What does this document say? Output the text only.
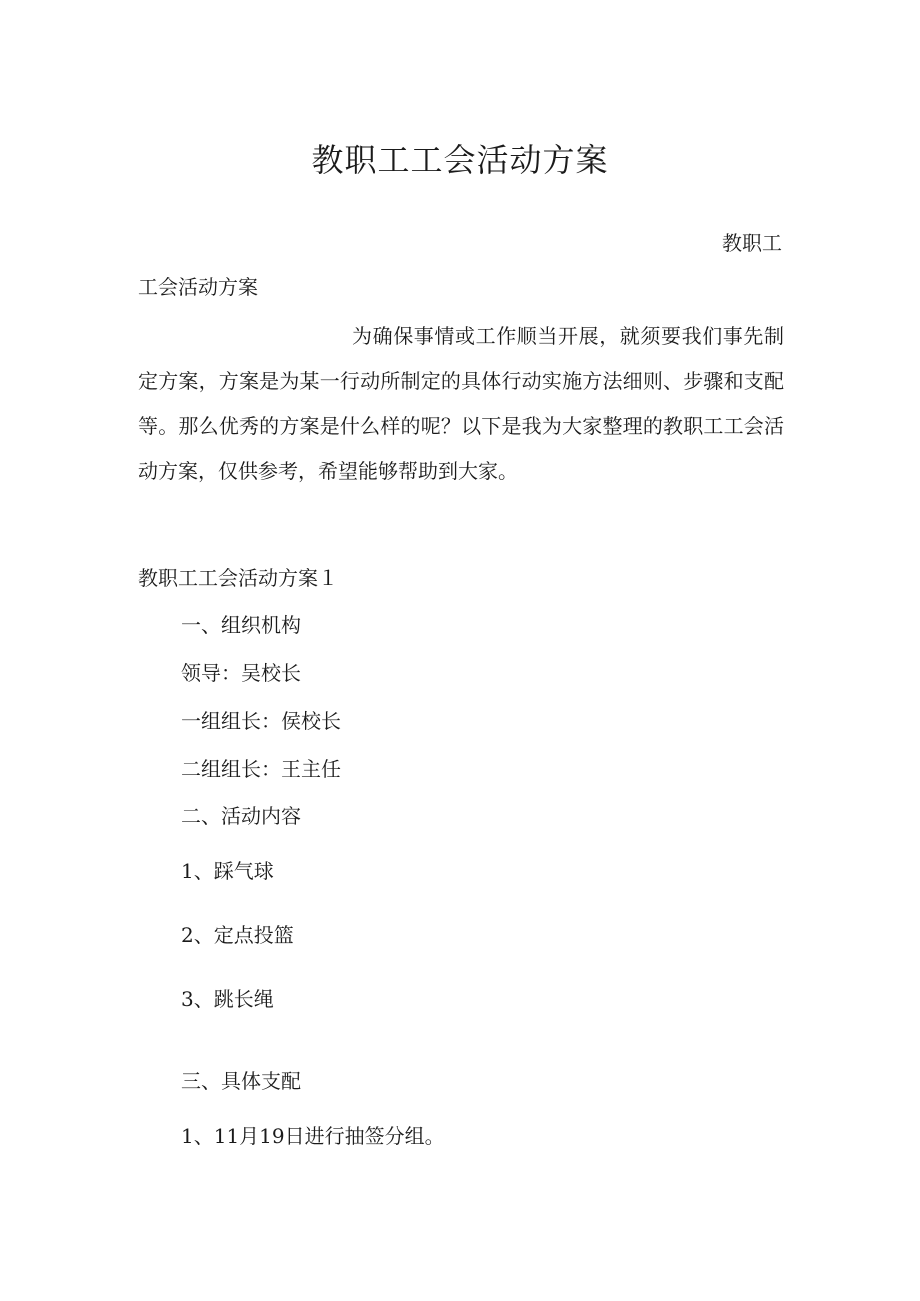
教职工工会活动方案
教职工
工会活动方案
为确保事情或工作顺当开展，就须要我们事先制定方案，方案是为某一行动所制定的具体行动实施方法细则、步骤和支配等。那么优秀的方案是什么样的呢？以下是我为大家整理的教职工工会活动方案，仅供参考，希望能够帮助到大家。
教职工工会活动方案１
一、组织机构
领导：吴校长
一组组长：侯校长
二组组长：王主任
二、活动内容
1、踩气球
2、定点投篮
3、跳长绳
三、具体支配
1、11月19日进行抽签分组。
